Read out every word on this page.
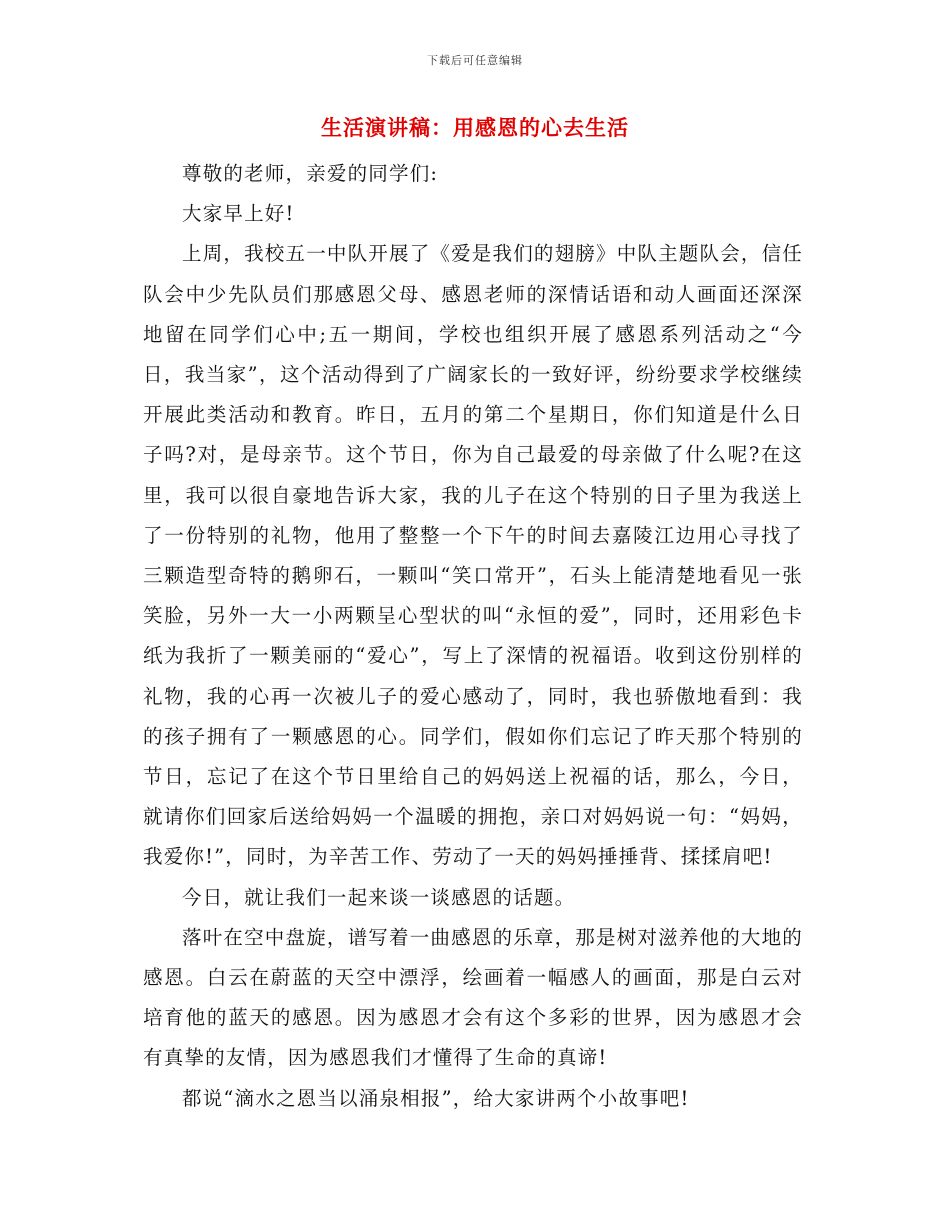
下载后可任意编辑
生活演讲稿：用感恩的心去生活

尊敬的老师，亲爱的同学们:

大家早上好!

上周，我校五一中队开展了《爱是我们的翅膀》中队主题队会，信任队会中少先队员们那感恩父母、感恩老师的深情话语和动人画面还深深地留在同学们心中;五一期间，学校也组织开展了感恩系列活动之“今日，我当家”，这个活动得到了广阔家长的一致好评，纷纷要求学校继续开展此类活动和教育。昨日，五月的第二个星期日，你们知道是什么日子吗?对，是母亲节。这个节日，你为自己最爱的母亲做了什么呢?在这里，我可以很自豪地告诉大家，我的儿子在这个特别的日子里为我送上了一份特别的礼物，他用了整整一个下午的时间去嘉陵江边用心寻找了三颗造型奇特的鹅卵石，一颗叫“笑口常开”，石头上能清楚地看见一张笑脸，另外一大一小两颗呈心型状的叫“永恒的爱”，同时，还用彩色卡纸为我折了一颗美丽的“爱心”，写上了深情的祝福语。收到这份别样的礼物，我的心再一次被儿子的爱心感动了，同时，我也骄傲地看到：我的孩子拥有了一颗感恩的心。同学们，假如你们忘记了昨天那个特别的节日，忘记了在这个节日里给自己的妈妈送上祝福的话，那么，今日，就请你们回家后送给妈妈一个温暖的拥抱，亲口对妈妈说一句：“妈妈，我爱你!”，同时，为辛苦工作、劳动了一天的妈妈捶捶背、揉揉肩吧!

今日，就让我们一起来谈一谈感恩的话题。

落叶在空中盘旋，谱写着一曲感恩的乐章，那是树对滋养他的大地的感恩。白云在蔚蓝的天空中漂浮，绘画着一幅感人的画面，那是白云对培育他的蓝天的感恩。因为感恩才会有这个多彩的世界，因为感恩才会有真挚的友情，因为感恩我们才懂得了生命的真谛!

都说“滴水之恩当以涌泉相报”，给大家讲两个小故事吧!
